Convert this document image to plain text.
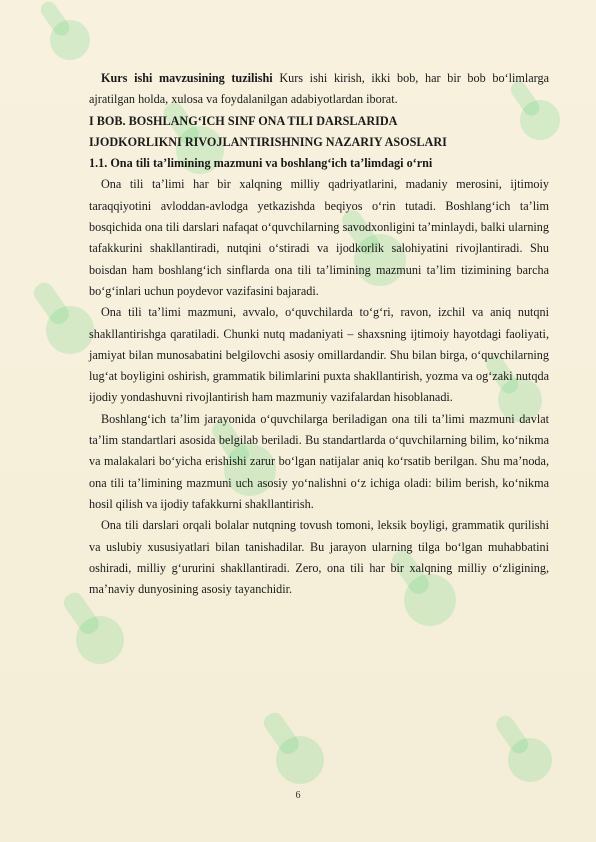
Kurs ishi mavzusining tuzilishi Kurs ishi kirish, ikki bob, har bir bob bo‘limlarga ajratilgan holda, xulosa va foydalanilgan adabiyotlardan iborat.

I BOB. BOSHLANG‘ICH SINF ONA TILI DARSLARIDA

IJODKORLIKNI RIVOJLANTIRISHNING NAZARIY ASOSLARI

1.1. Ona tili ta’limining mazmuni va boshlang‘ich ta’limdagi o‘rni

Ona tili ta’limi har bir xalqning milliy qadriyatlarini, madaniy merosini, ijtimoiy taraqqiyotini avloddan-avlodga yetkazishda beqiyos o‘rin tutadi. Boshlang‘ich ta’lim bosqichida ona tili darslari nafaqat o‘quvchilarning savodxonligini ta’minlaydi, balki ularning tafakkurini shakllantiradi, nutqini o‘stiradi va ijodkorlik salohiyatini rivojlantiradi. Shu boisdan ham boshlang‘ich sinflarda ona tili ta’limining mazmuni ta’lim tizimining barcha bo‘g‘inlari uchun poydevor vazifasini bajaradi.

Ona tili ta’limi mazmuni, avvalo, o‘quvchilarda to‘g‘ri, ravon, izchil va aniq nutqni shakllantirishga qaratiladi. Chunki nutq madaniyati – shaxsning ijtimoiy hayotdagi faoliyati, jamiyat bilan munosabatini belgilovchi asosiy omillardandir. Shu bilan birga, o‘quvchilarning lug‘at boyligini oshirish, grammatik bilimlarini puxta shakllantirish, yozma va og‘zaki nutqda ijodiy yondashuvni rivojlantirish ham mazmuniy vazifalardan hisoblanadi.

Boshlang‘ich ta’lim jarayonida o‘quvchilarga beriladigan ona tili ta’limi mazmuni davlat ta’lim standartlari asosida belgilab beriladi. Bu standartlarda o‘quvchilarning bilim, ko‘nikma va malakalari bo‘yicha erishishi zarur bo‘lgan natijalar aniq ko‘rsatib berilgan. Shu ma’noda, ona tili ta’limining mazmuni uch asosiy yo‘nalishni o‘z ichiga oladi: bilim berish, ko‘nikma hosil qilish va ijodiy tafakkurni shakllantirish.

Ona tili darslari orqali bolalar nutqning tovush tomoni, leksik boyligi, grammatik qurilishi va uslubiy xususiyatlari bilan tanishadilar. Bu jarayon ularning tilga bo‘lgan muhabbatini oshiradi, milliy g‘ururini shakllantiradi. Zero, ona tili har bir xalqning milliy o‘zligining, ma’naviy dunyosining asosiy tayanchidir.

6
